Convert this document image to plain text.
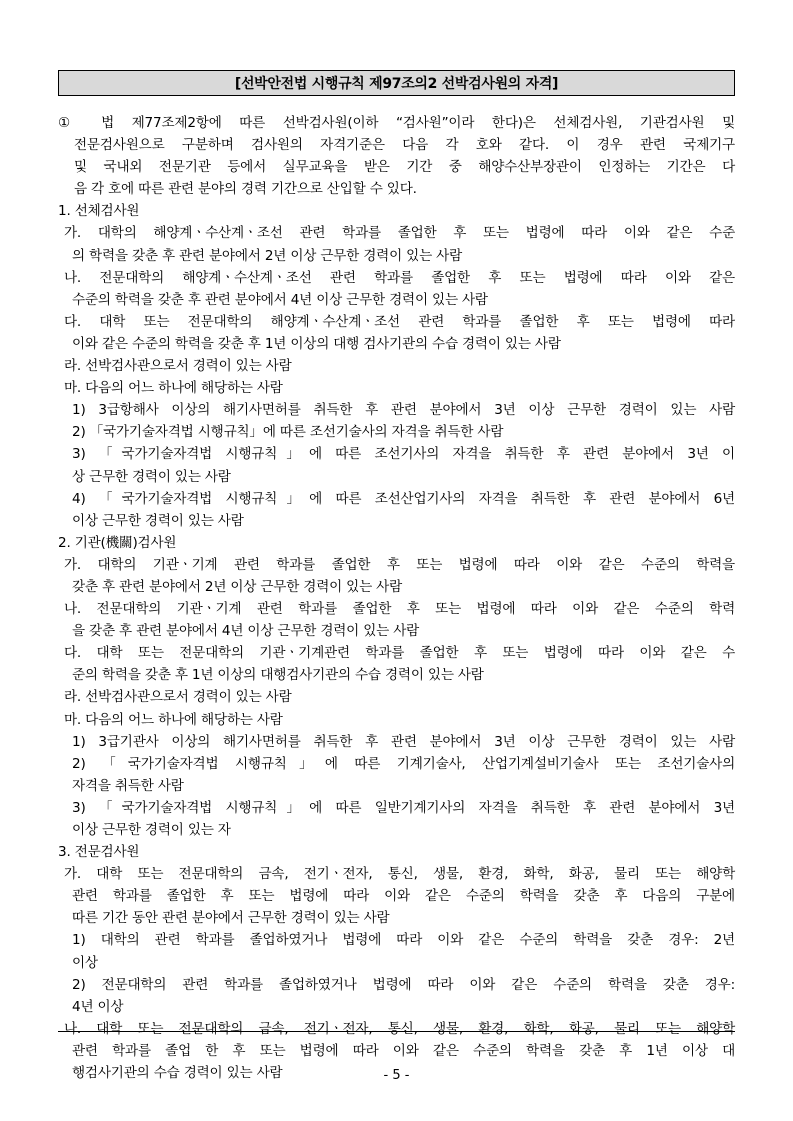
[선박안전법 시행규칙 제97조의2 선박검사원의 자격]
① 법 제77조제2항에 따른 선박검사원(이하 “검사원”이라 한다)은 선체검사원, 기관검사원 및
전문검사원으로 구분하며 검사원의 자격기준은 다음 각 호와 같다. 이 경우 관련 국제기구
및 국내외 전문기관 등에서 실무교육을 받은 기간 중 해양수산부장관이 인정하는 기간은 다
음 각 호에 따른 관련 분야의 경력 기간으로 산입할 수 있다.
1. 선체검사원
가. 대학의 해양계ㆍ수산계ㆍ조선 관련 학과를 졸업한 후 또는 법령에 따라 이와 같은 수준
의 학력을 갖춘 후 관련 분야에서 2년 이상 근무한 경력이 있는 사람
나. 전문대학의 해양계ㆍ수산계ㆍ조선 관련 학과를 졸업한 후 또는 법령에 따라 이와 같은
수준의 학력을 갖춘 후 관련 분야에서 4년 이상 근무한 경력이 있는 사람
다. 대학 또는 전문대학의 해양계ㆍ수산계ㆍ조선 관련 학과를 졸업한 후 또는 법령에 따라
이와 같은 수준의 학력을 갖춘 후 1년 이상의 대행 검사기관의 수습 경력이 있는 사람
라. 선박검사관으로서 경력이 있는 사람
마. 다음의 어느 하나에 해당하는 사람
1) 3급항해사 이상의 해기사면허를 취득한 후 관련 분야에서 3년 이상 근무한 경력이 있는 사람
2) 「국가기술자격법 시행규칙」에 따른 조선기술사의 자격을 취득한 사람
3) 「국가기술자격법 시행규칙」에 따른 조선기사의 자격을 취득한 후 관련 분야에서 3년 이
상 근무한 경력이 있는 사람
4) 「국가기술자격법 시행규칙」에 따른 조선산업기사의 자격을 취득한 후 관련 분야에서 6년
이상 근무한 경력이 있는 사람
2. 기관(機關)검사원
가. 대학의 기관ㆍ기계 관련 학과를 졸업한 후 또는 법령에 따라 이와 같은 수준의 학력을
갖춘 후 관련 분야에서 2년 이상 근무한 경력이 있는 사람
나. 전문대학의 기관ㆍ기계 관련 학과를 졸업한 후 또는 법령에 따라 이와 같은 수준의 학력
을 갖춘 후 관련 분야에서 4년 이상 근무한 경력이 있는 사람
다. 대학 또는 전문대학의 기관ㆍ기계관련 학과를 졸업한 후 또는 법령에 따라 이와 같은 수
준의 학력을 갖춘 후 1년 이상의 대행검사기관의 수습 경력이 있는 사람
라. 선박검사관으로서 경력이 있는 사람
마. 다음의 어느 하나에 해당하는 사람
1) 3급기관사 이상의 해기사면허를 취득한 후 관련 분야에서 3년 이상 근무한 경력이 있는 사람
2) 「국가기술자격법 시행규칙」에 따른 기계기술사, 산업기계설비기술사 또는 조선기술사의
자격을 취득한 사람
3) 「국가기술자격법 시행규칙」에 따른 일반기계기사의 자격을 취득한 후 관련 분야에서 3년
이상 근무한 경력이 있는 자
3. 전문검사원
가. 대학 또는 전문대학의 금속, 전기ㆍ전자, 통신, 생물, 환경, 화학, 화공, 물리 또는 해양학
관련 학과를 졸업한 후 또는 법령에 따라 이와 같은 수준의 학력을 갖춘 후 다음의 구분에
따른 기간 동안 관련 분야에서 근무한 경력이 있는 사람
1) 대학의 관련 학과를 졸업하였거나 법령에 따라 이와 같은 수준의 학력을 갖춘 경우: 2년
이상
2) 전문대학의 관련 학과를 졸업하였거나 법령에 따라 이와 같은 수준의 학력을 갖춘 경우:
4년 이상
나. 대학 또는 전문대학의 금속, 전기ㆍ전자, 통신, 생물, 환경, 화학, 화공, 물리 또는 해양학
관련 학과를 졸업 한 후 또는 법령에 따라 이와 같은 수준의 학력을 갖춘 후 1년 이상 대
행검사기관의 수습 경력이 있는 사람	- 5 -
